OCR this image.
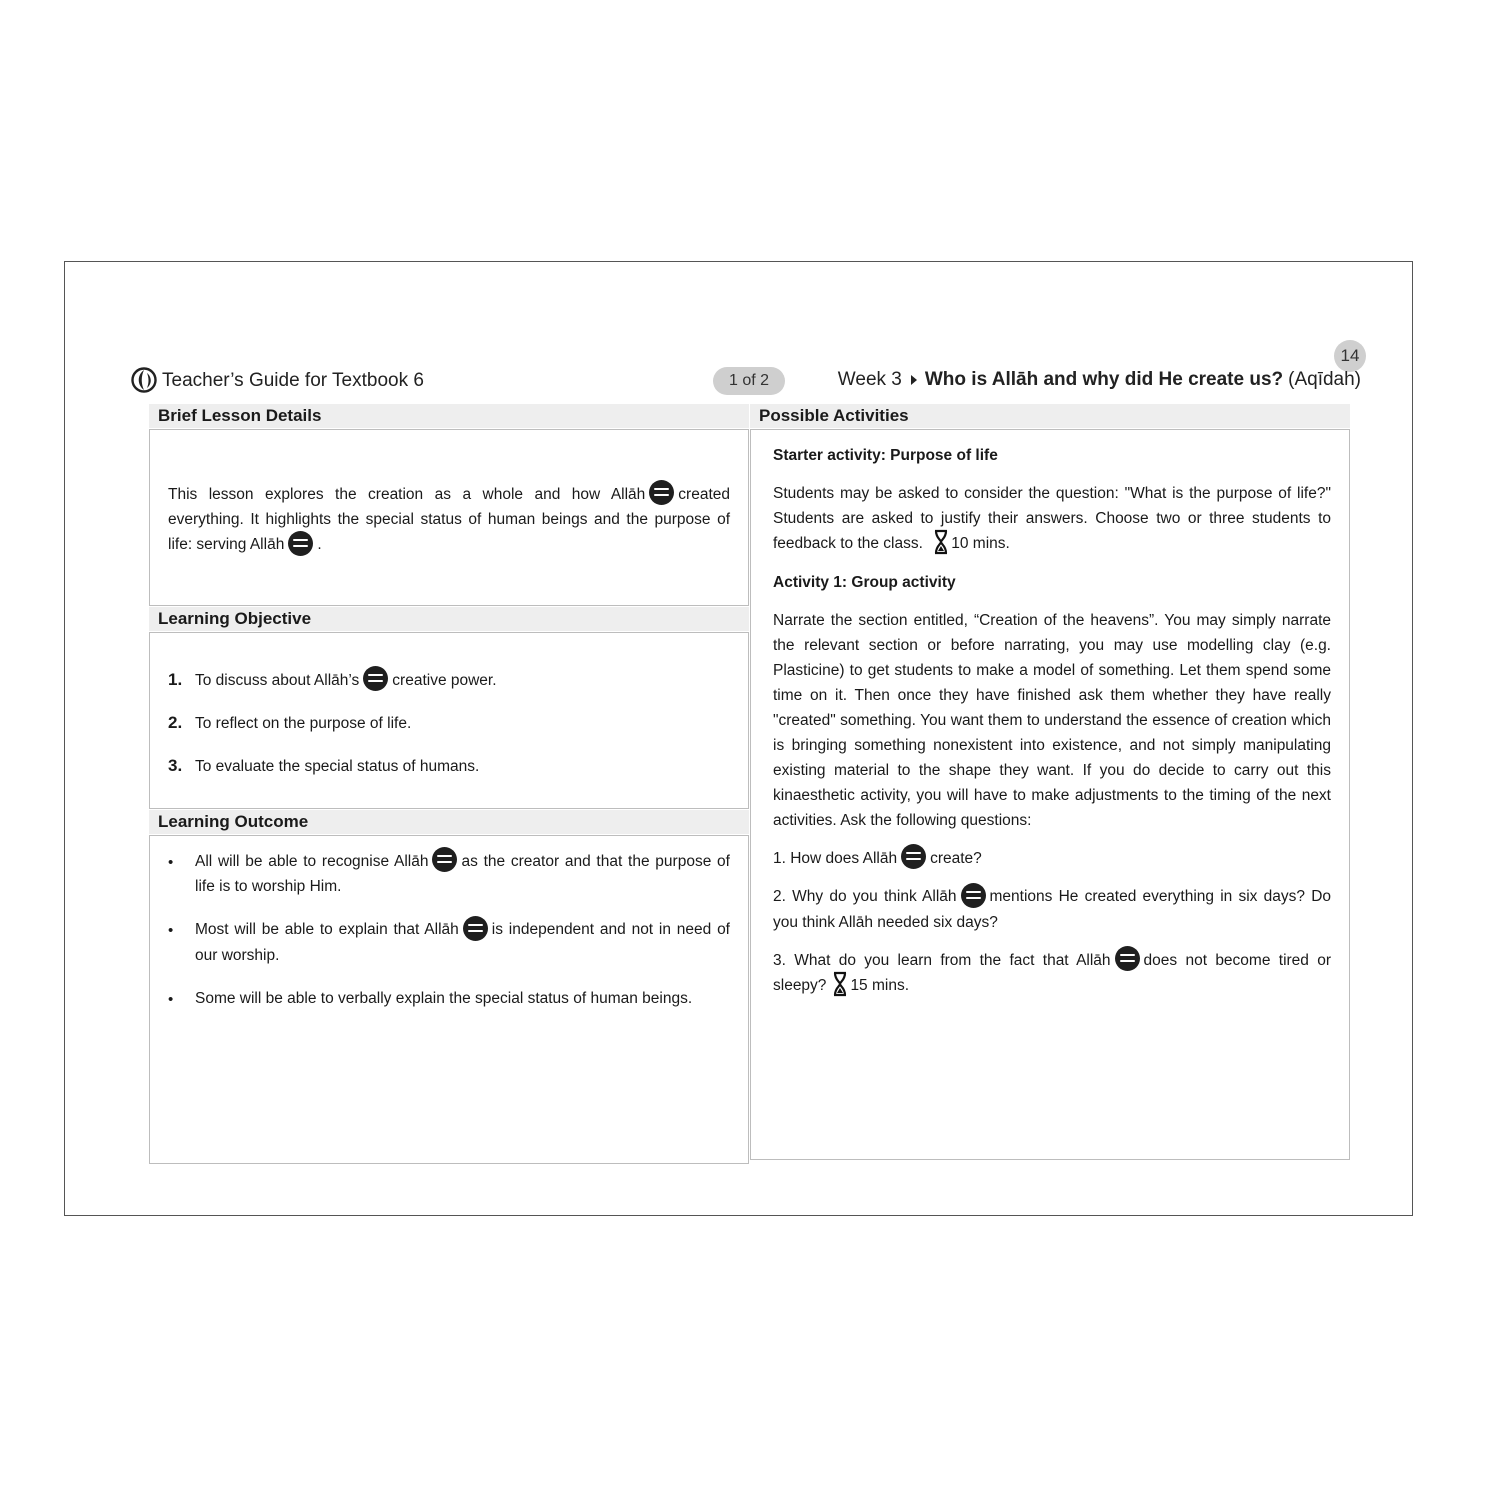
14
Teacher’s Guide for Textbook 6	1 of 2	Week 3 Who is Allāh and why did He create us? (Aqīdah)
Brief Lesson Details
This lesson explores the creation as a whole and how Allāh created everything. It highlights the special status of human beings and the purpose of life: serving Allāh .
Learning Objective
1. To discuss about Allāh’s creative power.
2. To reflect on the purpose of life.
3. To evaluate the special status of humans.
Learning Outcome
•	All will be able to recognise Allāh as the creator and that the purpose of life is to worship Him.
•	Most will be able to explain that Allāh is independent and not in need of our worship.
•	Some will be able to verbally explain the special status of human beings.
Possible Activities
Starter activity: Purpose of life
Students may be asked to consider the question: "What is the purpose of life?" Students are asked to justify their answers. Choose two or three students to feedback to the class. 10 mins.
Activity 1: Group activity
Narrate the section entitled, “Creation of the heavens”. You may simply narrate the relevant section or before narrating, you may use modelling clay (e.g. Plasticine) to get students to make a model of something. Let them spend some time on it. Then once they have finished ask them whether they have really "created" something. You want them to understand the essence of creation which is bringing something nonexistent into existence, and not simply manipulating existing material to the shape they want. If you do decide to carry out this kinaesthetic activity, you will have to make adjustments to the timing of the next activities. Ask the following questions:
1. How does Allāh create?
2. Why do you think Allāh mentions He created everything in six days? Do you think Allāh needed six days?
3. What do you learn from the fact that Allāh does not become tired or sleepy? 15 mins.
